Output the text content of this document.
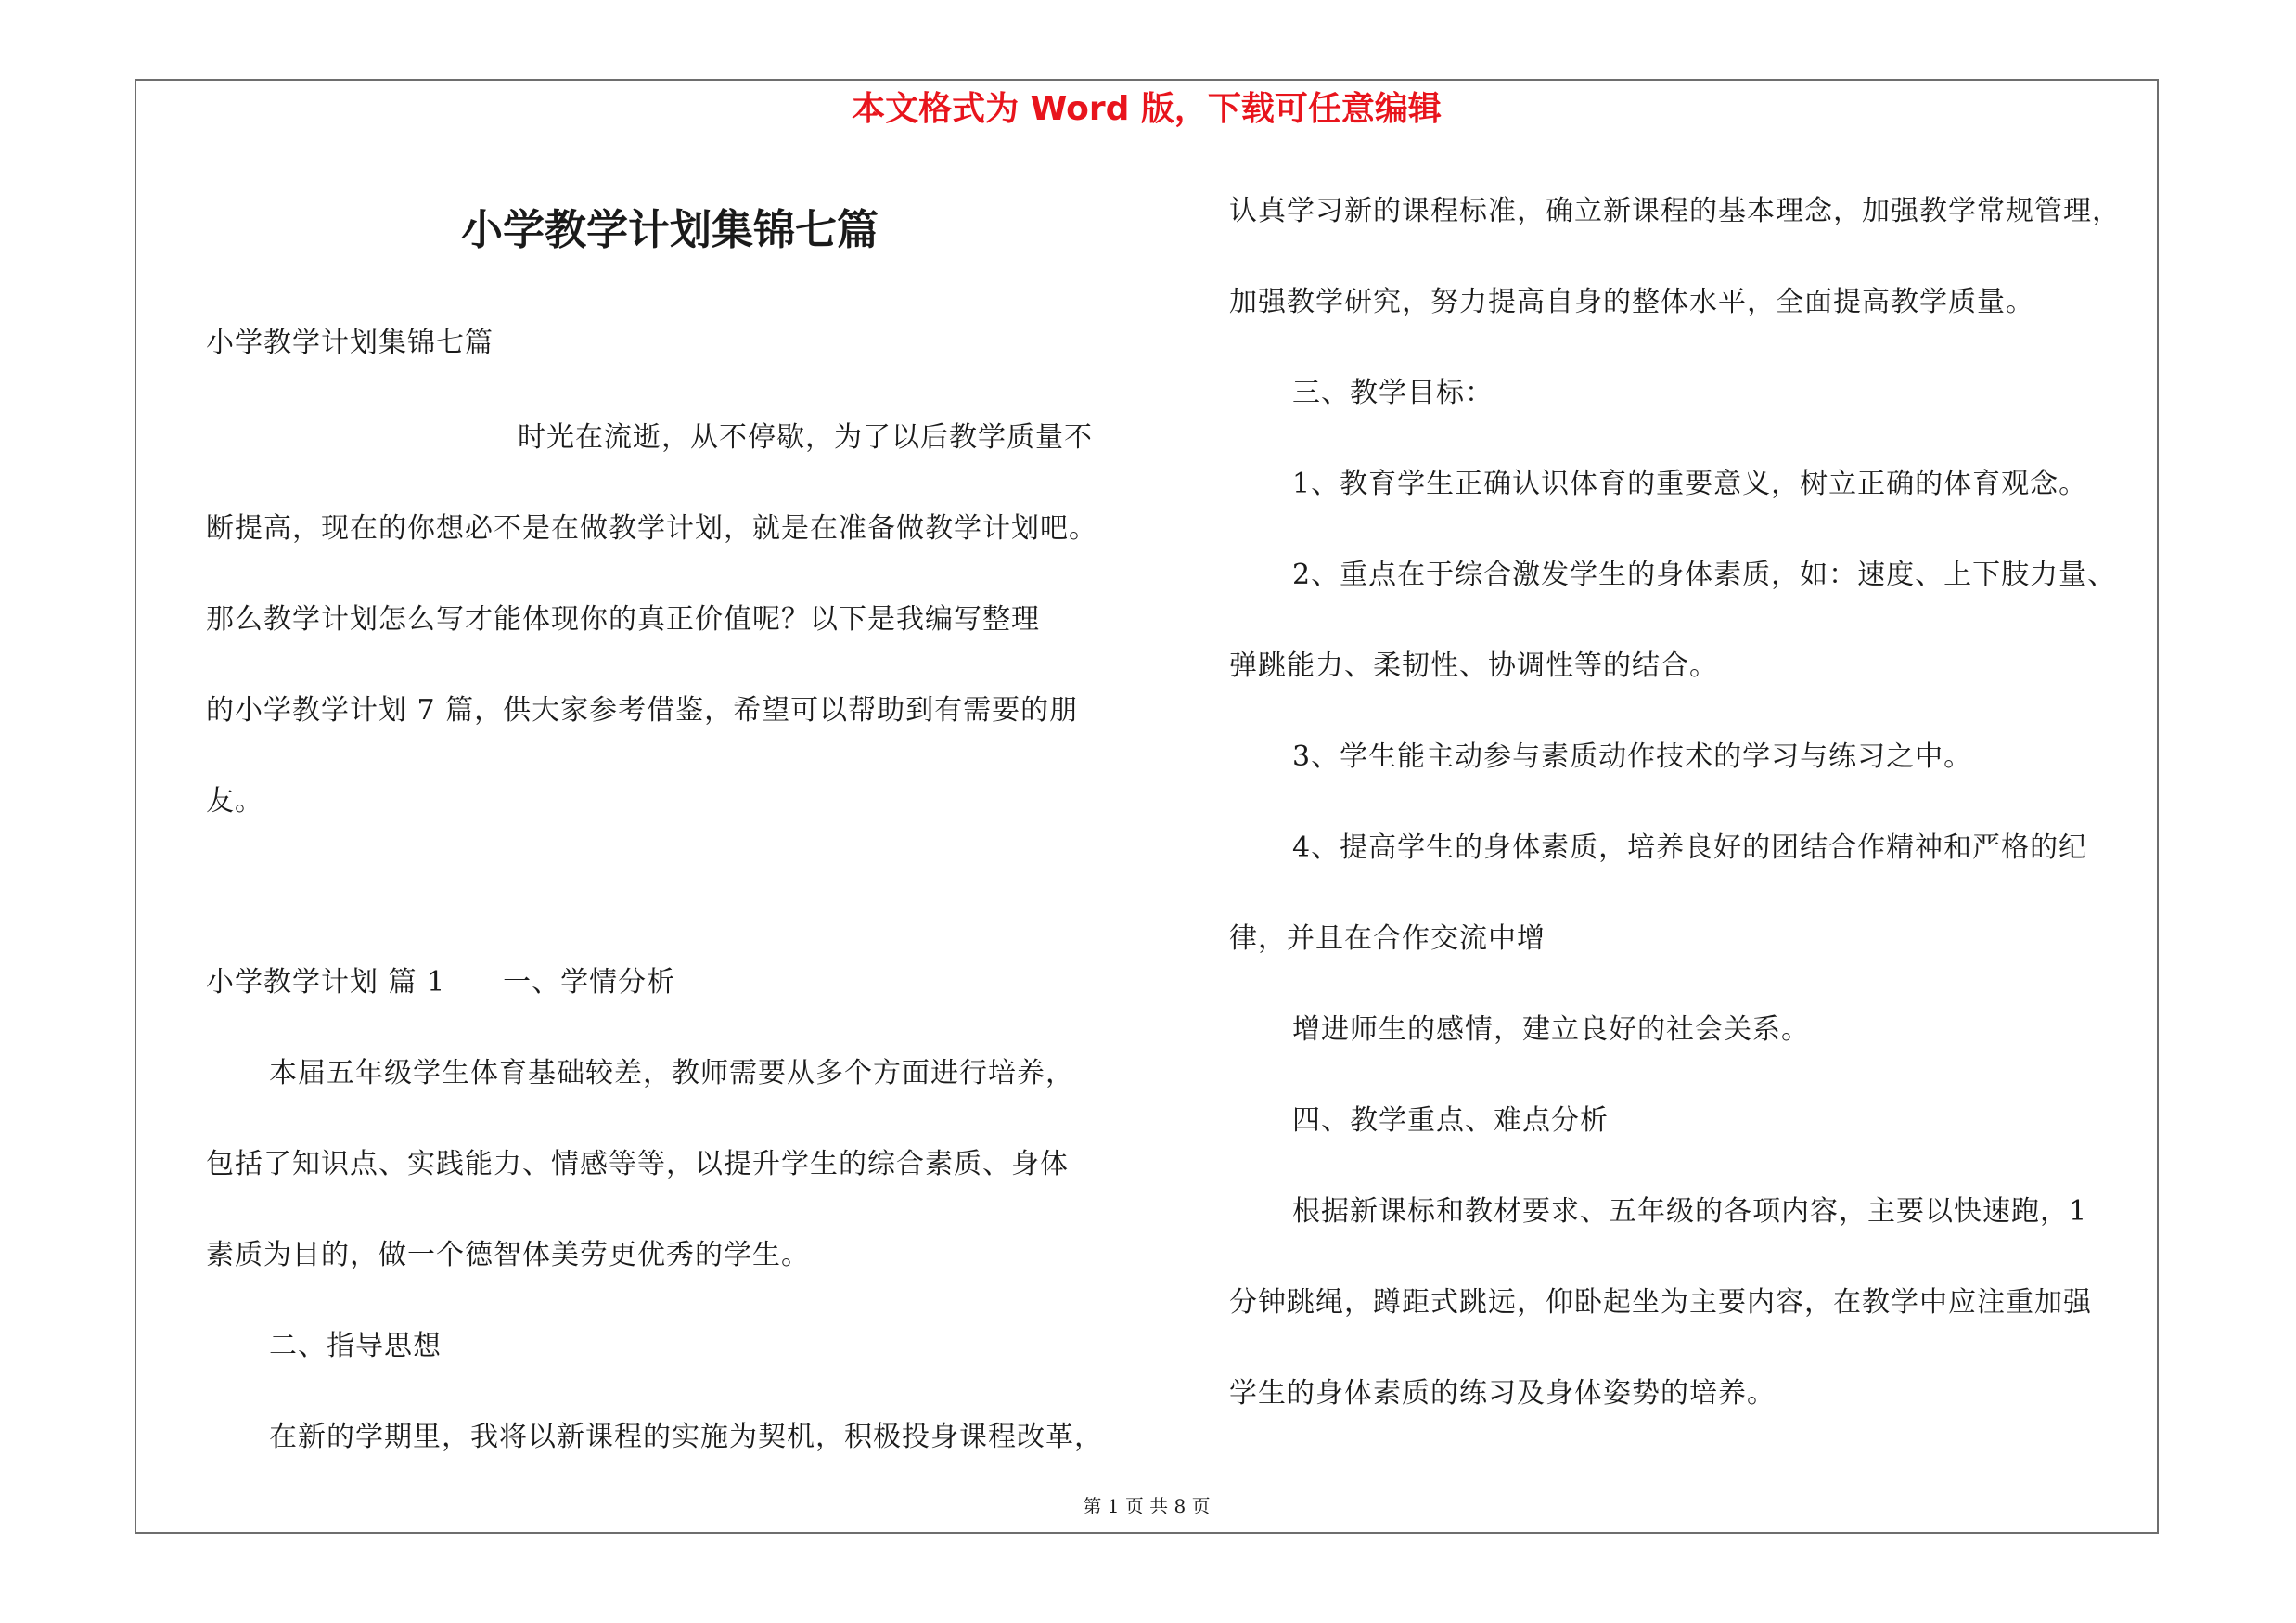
本文格式为 Word 版，下载可任意编辑
小学教学计划集锦七篇
小学教学计划集锦七篇
时光在流逝，从不停歇，为了以后教学质量不
断提高，现在的你想必不是在做教学计划，就是在准备做教学计划吧。
那么教学计划怎么写才能体现你的真正价值呢？以下是我编写整理
的小学教学计划 7 篇，供大家参考借鉴，希望可以帮助到有需要的朋
友。
小学教学计划 篇 1　　一、学情分析
本届五年级学生体育基础较差，教师需要从多个方面进行培养，
包括了知识点、实践能力、情感等等，以提升学生的综合素质、身体
素质为目的，做一个德智体美劳更优秀的学生。
二、指导思想
在新的学期里，我将以新课程的实施为契机，积极投身课程改革，
认真学习新的课程标准，确立新课程的基本理念，加强教学常规管理，
加强教学研究，努力提高自身的整体水平，全面提高教学质量。
三、教学目标：
1、教育学生正确认识体育的重要意义，树立正确的体育观念。
2、重点在于综合激发学生的身体素质，如：速度、上下肢力量、
弹跳能力、柔韧性、协调性等的结合。
3、学生能主动参与素质动作技术的学习与练习之中。
4、提高学生的身体素质，培养良好的团结合作精神和严格的纪
律，并且在合作交流中增
增进师生的感情，建立良好的社会关系。
四、教学重点、难点分析
根据新课标和教材要求、五年级的各项内容，主要以快速跑，1
分钟跳绳，蹲距式跳远，仰卧起坐为主要内容，在教学中应注重加强
学生的身体素质的练习及身体姿势的培养。
第 1 页 共 8 页
